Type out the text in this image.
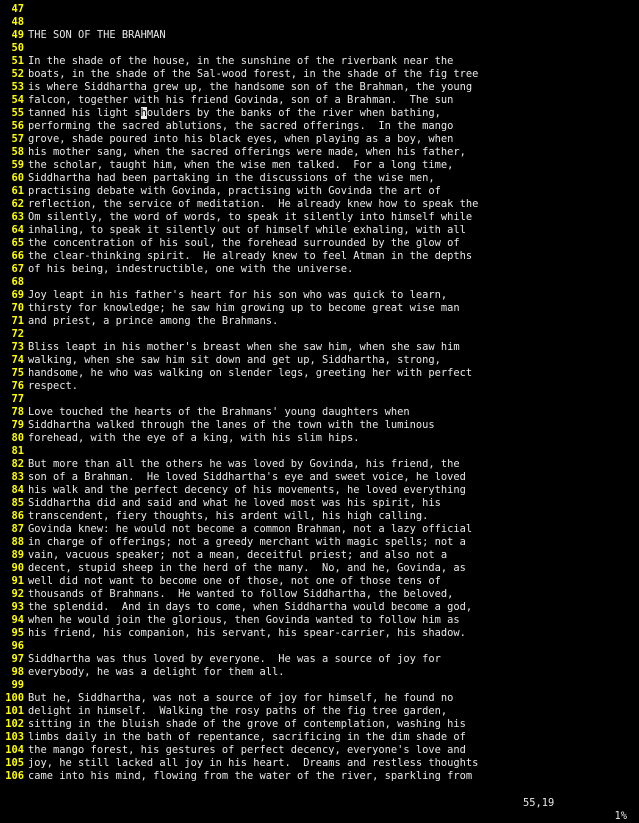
47
48
49 THE SON OF THE BRAHMAN
50
51 In the shade of the house, in the sunshine of the riverbank near the
52 boats, in the shade of the Sal-wood forest, in the shade of the fig tree
53 is where Siddhartha grew up, the handsome son of the Brahman, the young
54 falcon, together with his friend Govinda, son of a Brahman.  The sun
55 tanned his light shoulders by the banks of the river when bathing,
56 performing the sacred ablutions, the sacred offerings.  In the mango
57 grove, shade poured into his black eyes, when playing as a boy, when
58 his mother sang, when the sacred offerings were made, when his father,
59 the scholar, taught him, when the wise men talked.  For a long time,
60 Siddhartha had been partaking in the discussions of the wise men,
61 practising debate with Govinda, practising with Govinda the art of
62 reflection, the service of meditation.  He already knew how to speak the
63 Om silently, the word of words, to speak it silently into himself while
64 inhaling, to speak it silently out of himself while exhaling, with all
65 the concentration of his soul, the forehead surrounded by the glow of
66 the clear-thinking spirit.  He already knew to feel Atman in the depths
67 of his being, indestructible, one with the universe.
68
69 Joy leapt in his father's heart for his son who was quick to learn,
70 thirsty for knowledge; he saw him growing up to become great wise man
71 and priest, a prince among the Brahmans.
72
73 Bliss leapt in his mother's breast when she saw him, when she saw him
74 walking, when she saw him sit down and get up, Siddhartha, strong,
75 handsome, he who was walking on slender legs, greeting her with perfect
76 respect.
77
78 Love touched the hearts of the Brahmans' young daughters when
79 Siddhartha walked through the lanes of the town with the luminous
80 forehead, with the eye of a king, with his slim hips.
81
82 But more than all the others he was loved by Govinda, his friend, the
83 son of a Brahman.  He loved Siddhartha's eye and sweet voice, he loved
84 his walk and the perfect decency of his movements, he loved everything
85 Siddhartha did and said and what he loved most was his spirit, his
86 transcendent, fiery thoughts, his ardent will, his high calling.
87 Govinda knew: he would not become a common Brahman, not a lazy official
88 in charge of offerings; not a greedy merchant with magic spells; not a
89 vain, vacuous speaker; not a mean, deceitful priest; and also not a
90 decent, stupid sheep in the herd of the many.  No, and he, Govinda, as
91 well did not want to become one of those, not one of those tens of
92 thousands of Brahmans.  He wanted to follow Siddhartha, the beloved,
93 the splendid.  And in days to come, when Siddhartha would become a god,
94 when he would join the glorious, then Govinda wanted to follow him as
95 his friend, his companion, his servant, his spear-carrier, his shadow.
96
97 Siddhartha was thus loved by everyone.  He was a source of joy for
98 everybody, he was a delight for them all.
99
100 But he, Siddhartha, was not a source of joy for himself, he found no
101 delight in himself.  Walking the rosy paths of the fig tree garden,
102 sitting in the bluish shade of the grove of contemplation, washing his
103 limbs daily in the bath of repentance, sacrificing in the dim shade of
104 the mango forest, his gestures of perfect decency, everyone's love and
105 joy, he still lacked all joy in his heart.  Dreams and restless thoughts
106 came into his mind, flowing from the water of the river, sparkling from

55,19

1%
